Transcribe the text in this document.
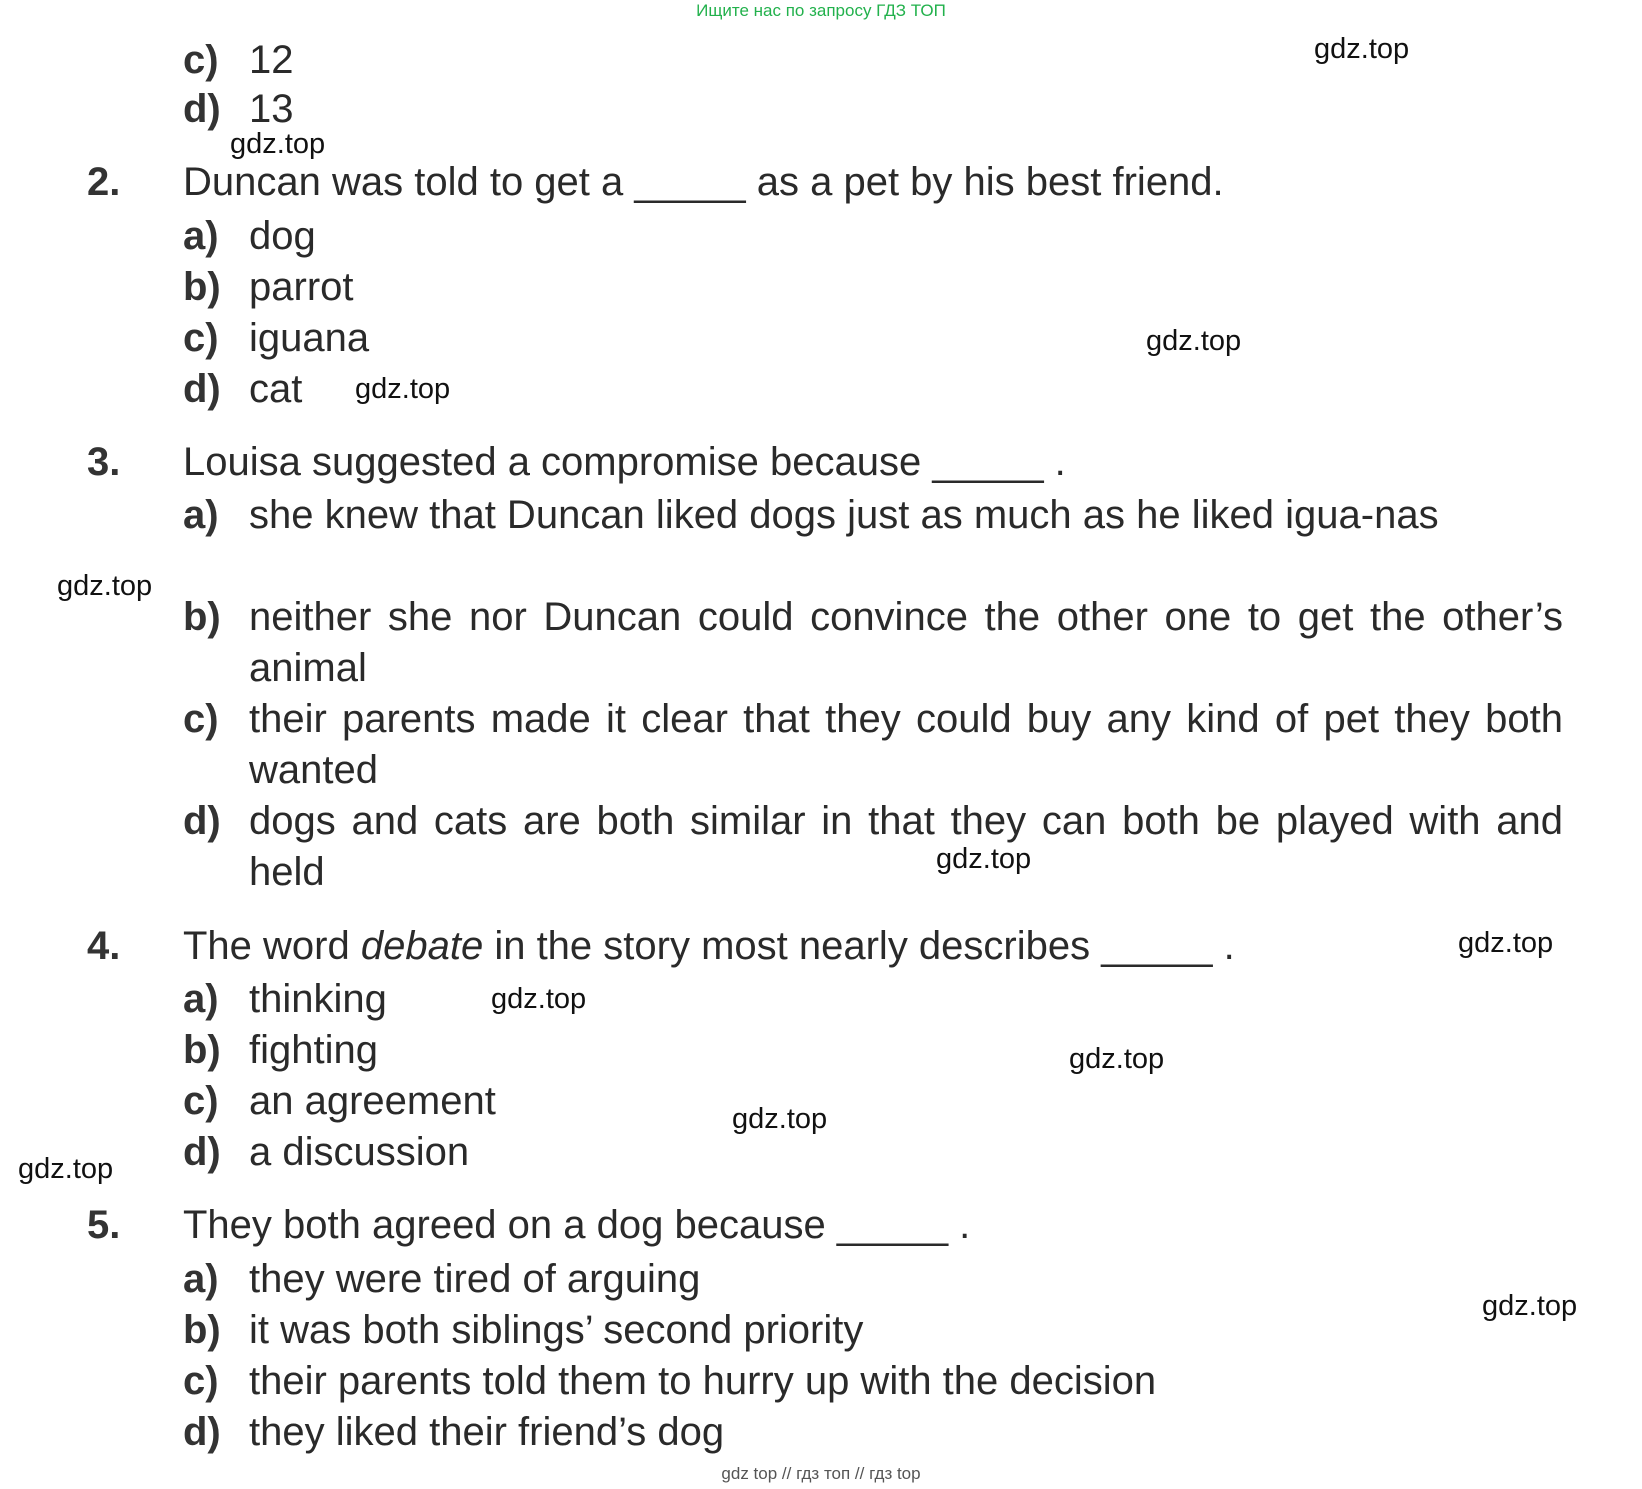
Ищите нас по запросу ГДЗ ТОП
c) 12
d) 13
2. Duncan was told to get a _____ as a pet by his best friend.
a) dog
b) parrot
c) iguana
d) cat
3. Louisa suggested a compromise because _____ .
a) she knew that Duncan liked dogs just as much as he liked igua-nas
b) neither she nor Duncan could convince the other one to get the other’s animal
c) their parents made it clear that they could buy any kind of pet they both wanted
d) dogs and cats are both similar in that they can both be played with and held
4. The word debate in the story most nearly describes _____ .
a) thinking
b) fighting
c) an agreement
d) a discussion
5. They both agreed on a dog because _____ .
a) they were tired of arguing
b) it was both siblings’ second priority
c) their parents told them to hurry up with the decision
d) they liked their friend’s dog
gdz.top
gdz.top
gdz.top
gdz.top
gdz.top
gdz.top
gdz.top
gdz.top
gdz.top
gdz.top
gdz.top
gdz.top
gdz top // гдз топ // гдз top
